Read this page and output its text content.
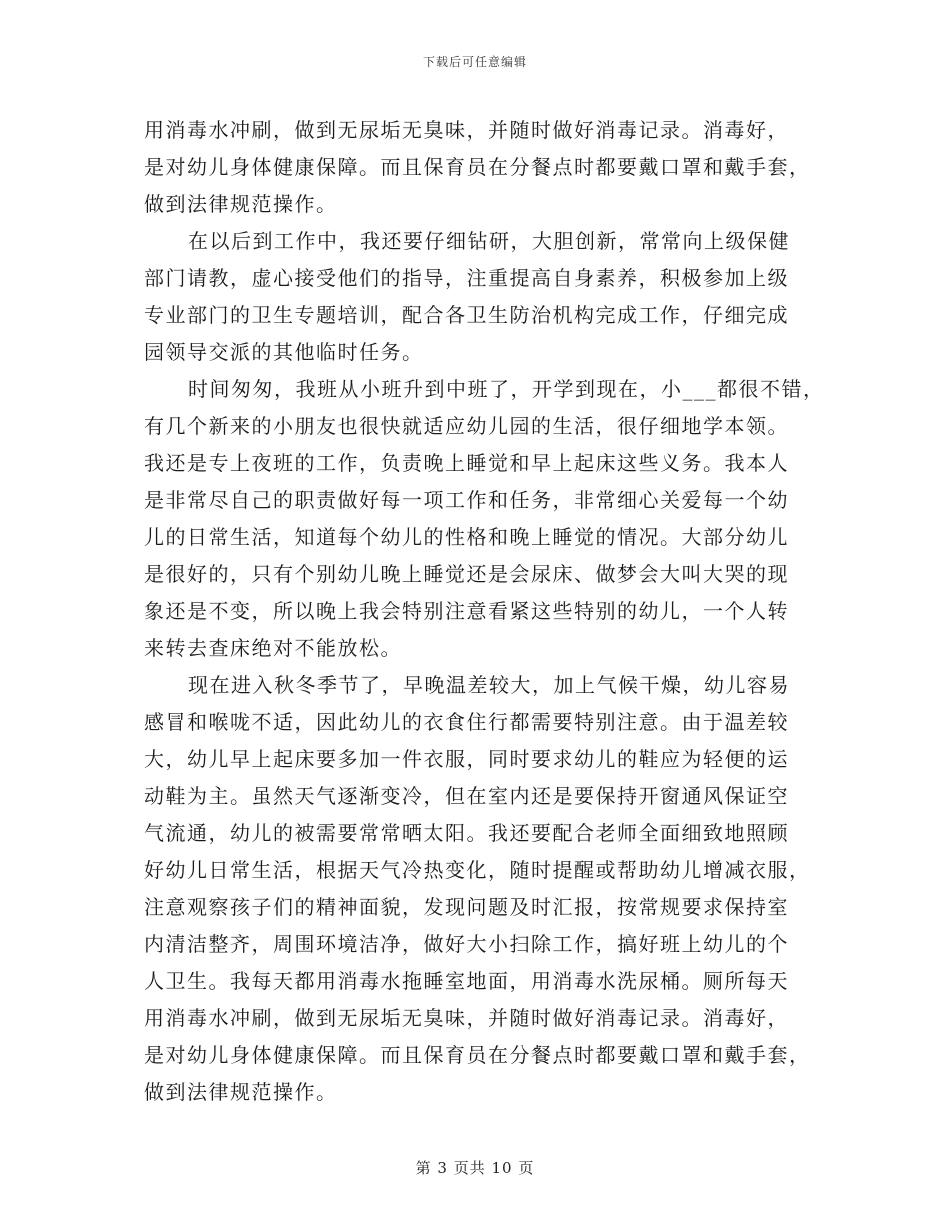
下载后可任意编辑
用消毒水冲刷，做到无尿垢无臭味，并随时做好消毒记录。消毒好，
是对幼儿身体健康保障。而且保育员在分餐点时都要戴口罩和戴手套，
做到法律规范操作。
在以后到工作中，我还要仔细钻研，大胆创新，常常向上级保健
部门请教，虚心接受他们的指导，注重提高自身素养，积极参加上级
专业部门的卫生专题培训，配合各卫生防治机构完成工作，仔细完成
园领导交派的其他临时任务。
时间匆匆，我班从小班升到中班了，开学到现在，小___都很不错，
有几个新来的小朋友也很快就适应幼儿园的生活，很仔细地学本领。
我还是专上夜班的工作，负责晚上睡觉和早上起床这些义务。我本人
是非常尽自己的职责做好每一项工作和任务，非常细心关爱每一个幼
儿的日常生活，知道每个幼儿的性格和晚上睡觉的情况。大部分幼儿
是很好的，只有个别幼儿晚上睡觉还是会尿床、做梦会大叫大哭的现
象还是不变，所以晚上我会特别注意看紧这些特别的幼儿，一个人转
来转去查床绝对不能放松。
现在进入秋冬季节了，早晚温差较大，加上气候干燥，幼儿容易
感冒和喉咙不适，因此幼儿的衣食住行都需要特别注意。由于温差较
大，幼儿早上起床要多加一件衣服，同时要求幼儿的鞋应为轻便的运
动鞋为主。虽然天气逐渐变冷，但在室内还是要保持开窗通风保证空
气流通，幼儿的被需要常常晒太阳。我还要配合老师全面细致地照顾
好幼儿日常生活，根据天气冷热变化，随时提醒或帮助幼儿增减衣服，
注意观察孩子们的精神面貌，发现问题及时汇报，按常规要求保持室
内清洁整齐，周围环境洁净，做好大小扫除工作，搞好班上幼儿的个
人卫生。我每天都用消毒水拖睡室地面，用消毒水洗尿桶。厕所每天
用消毒水冲刷，做到无尿垢无臭味，并随时做好消毒记录。消毒好，
是对幼儿身体健康保障。而且保育员在分餐点时都要戴口罩和戴手套，
做到法律规范操作。
第 3 页共 10 页
